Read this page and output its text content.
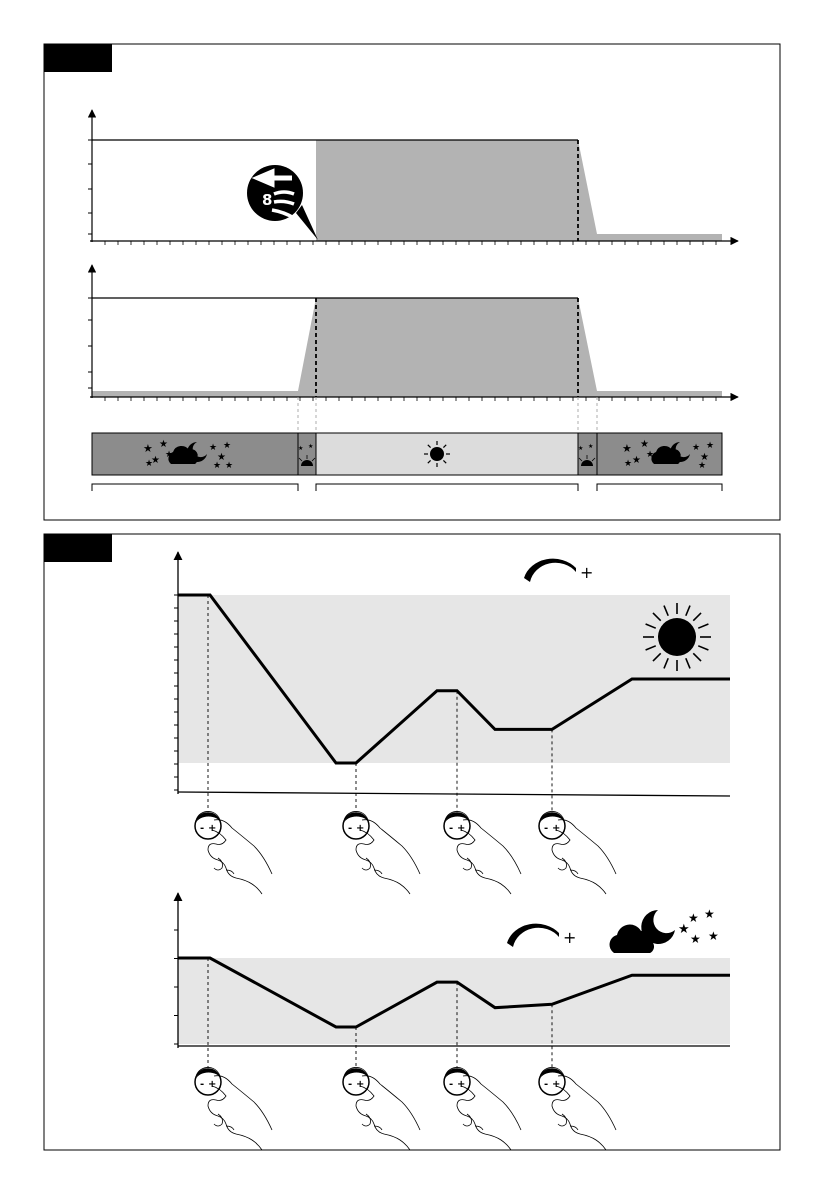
8
★
★
★
★
★
★
★
★
★ ★
★
★
★
★
★
★
★
★
★
★ ★	★ ★
- +	- +	- +	- +
+
- +	- +	- +	- +
+	★
★ ★
★ ★
